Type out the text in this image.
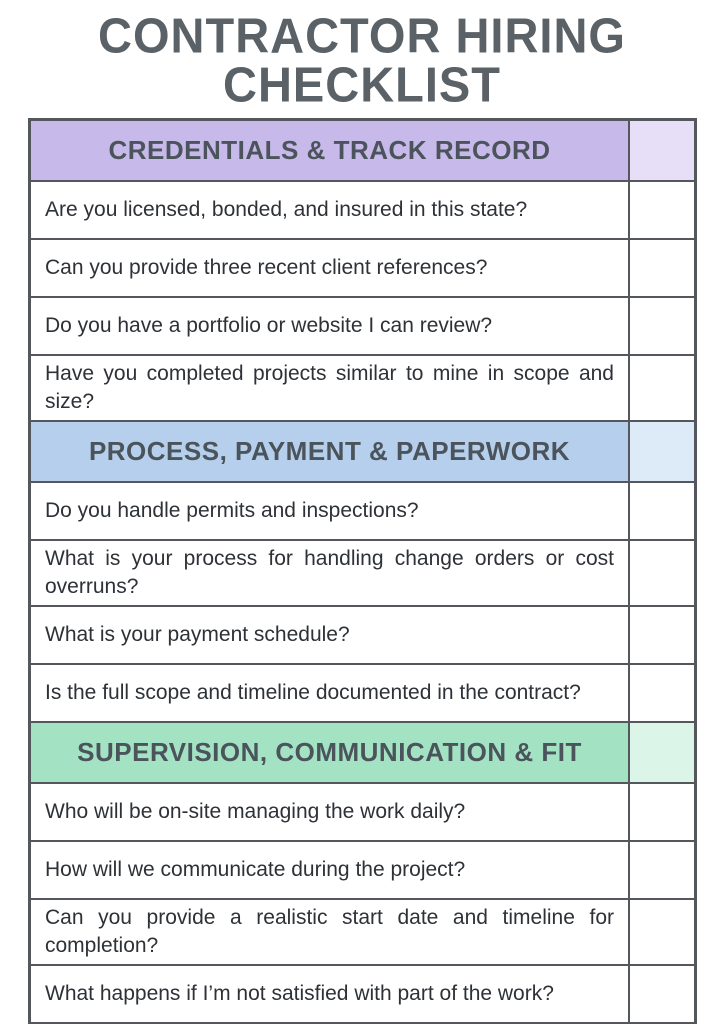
CONTRACTOR HIRING
CHECKLIST
CREDENTIALS & TRACK RECORD
Are you licensed, bonded, and insured in this state?
Can you provide three recent client references?
Do you have a portfolio or website I can review?
Have you completed projects similar to mine in scope and size?
PROCESS, PAYMENT & PAPERWORK
Do you handle permits and inspections?
What is your process for handling change orders or cost overruns?
What is your payment schedule?
Is the full scope and timeline documented in the contract?
SUPERVISION, COMMUNICATION & FIT
Who will be on-site managing the work daily?
How will we communicate during the project?
Can you provide a realistic start date and timeline for completion?
What happens if I’m not satisfied with part of the work?
